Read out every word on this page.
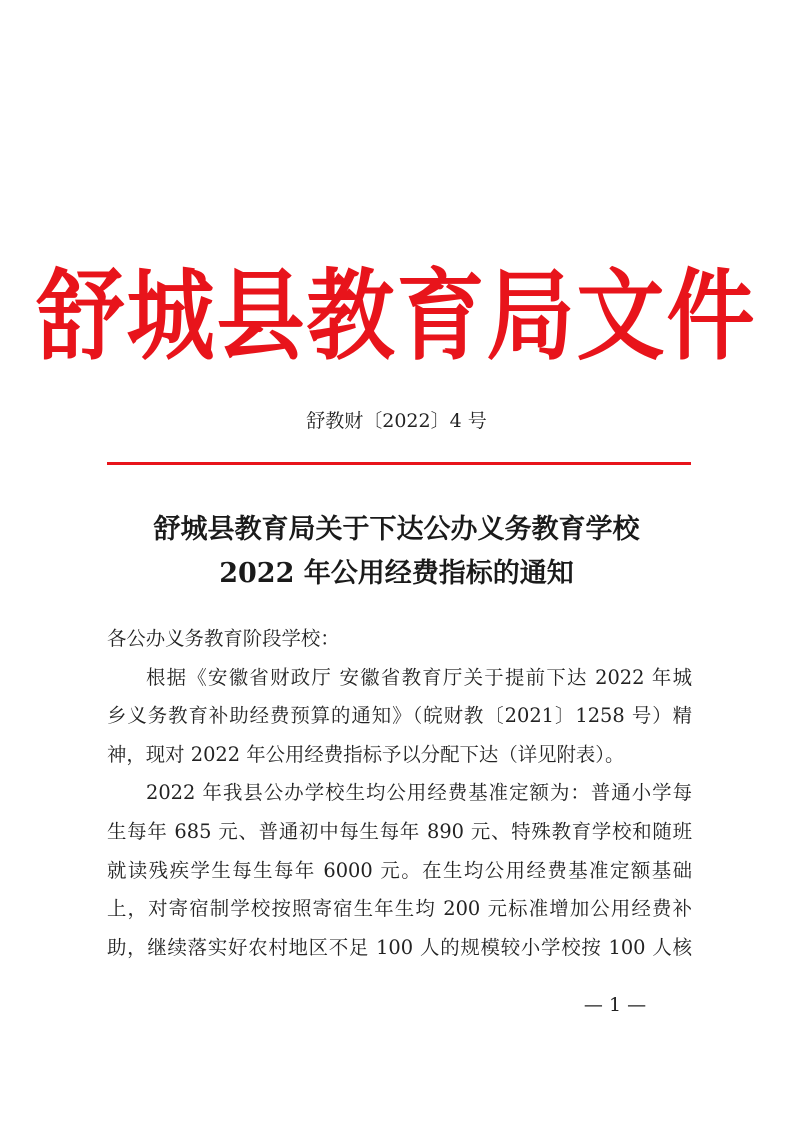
舒城县教育局文件
舒教财〔2022〕4 号
舒城县教育局关于下达公办义务教育学校
2022 年公用经费指标的通知
各公办义务教育阶段学校：
根据《安徽省财政厅 安徽省教育厅关于提前下达 2022 年城
乡义务教育补助经费预算的通知》（皖财教〔2021〕1258 号）精
神，现对 2022 年公用经费指标予以分配下达（详见附表）。
2022 年我县公办学校生均公用经费基准定额为：普通小学每
生每年 685 元、普通初中每生每年 890 元、特殊教育学校和随班
就读残疾学生每生每年 6000 元。在生均公用经费基准定额基础
上，对寄宿制学校按照寄宿生年生均 200 元标准增加公用经费补
助，继续落实好农村地区不足 100 人的规模较小学校按 100 人核
— 1 —
